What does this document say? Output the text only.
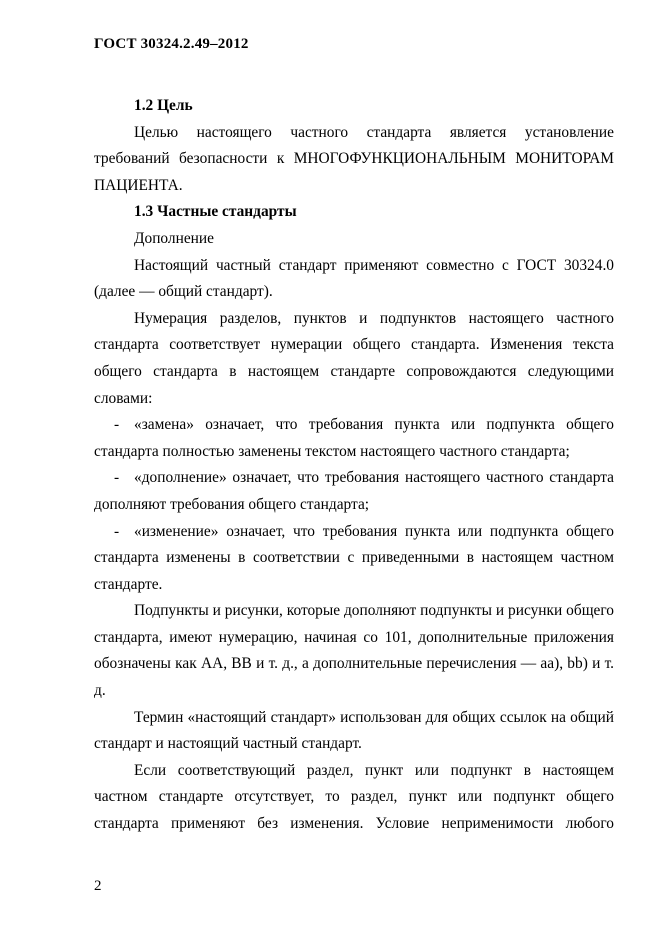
ГОСТ 30324.2.49–2012

1.2 Цель

Целью настоящего частного стандарта является установление требований безопасности к МНОГОФУНКЦИОНАЛЬНЫМ МОНИТОРАМ ПАЦИЕНТА.

1.3 Частные стандарты

Дополнение

Настоящий частный стандарт применяют совместно с ГОСТ 30324.0 (далее — общий стандарт).

Нумерация разделов, пунктов и подпунктов настоящего частного стандарта соответствует нумерации общего стандарта. Изменения текста общего стандарта в настоящем стандарте сопровождаются следующими словами:

- «замена» означает, что требования пункта или подпункта общего стандарта полностью заменены текстом настоящего частного стандарта;

- «дополнение» означает, что требования настоящего частного стандарта дополняют требования общего стандарта;

- «изменение» означает, что требования пункта или подпункта общего стандарта изменены в соответствии с приведенными в настоящем частном стандарте.

Подпункты и рисунки, которые дополняют подпункты и рисунки общего стандарта, имеют нумерацию, начиная со 101, дополнительные приложения обозначены как АА, ВВ и т. д., а дополнительные перечисления — аа), bb) и т. д.

Термин «настоящий стандарт» использован для общих ссылок на общий стандарт и настоящий частный стандарт.

Если соответствующий раздел, пункт или подпункт в настоящем частном стандарте отсутствует, то раздел, пункт или подпункт общего стандарта применяют без изменения. Условие неприменимости любого

2
